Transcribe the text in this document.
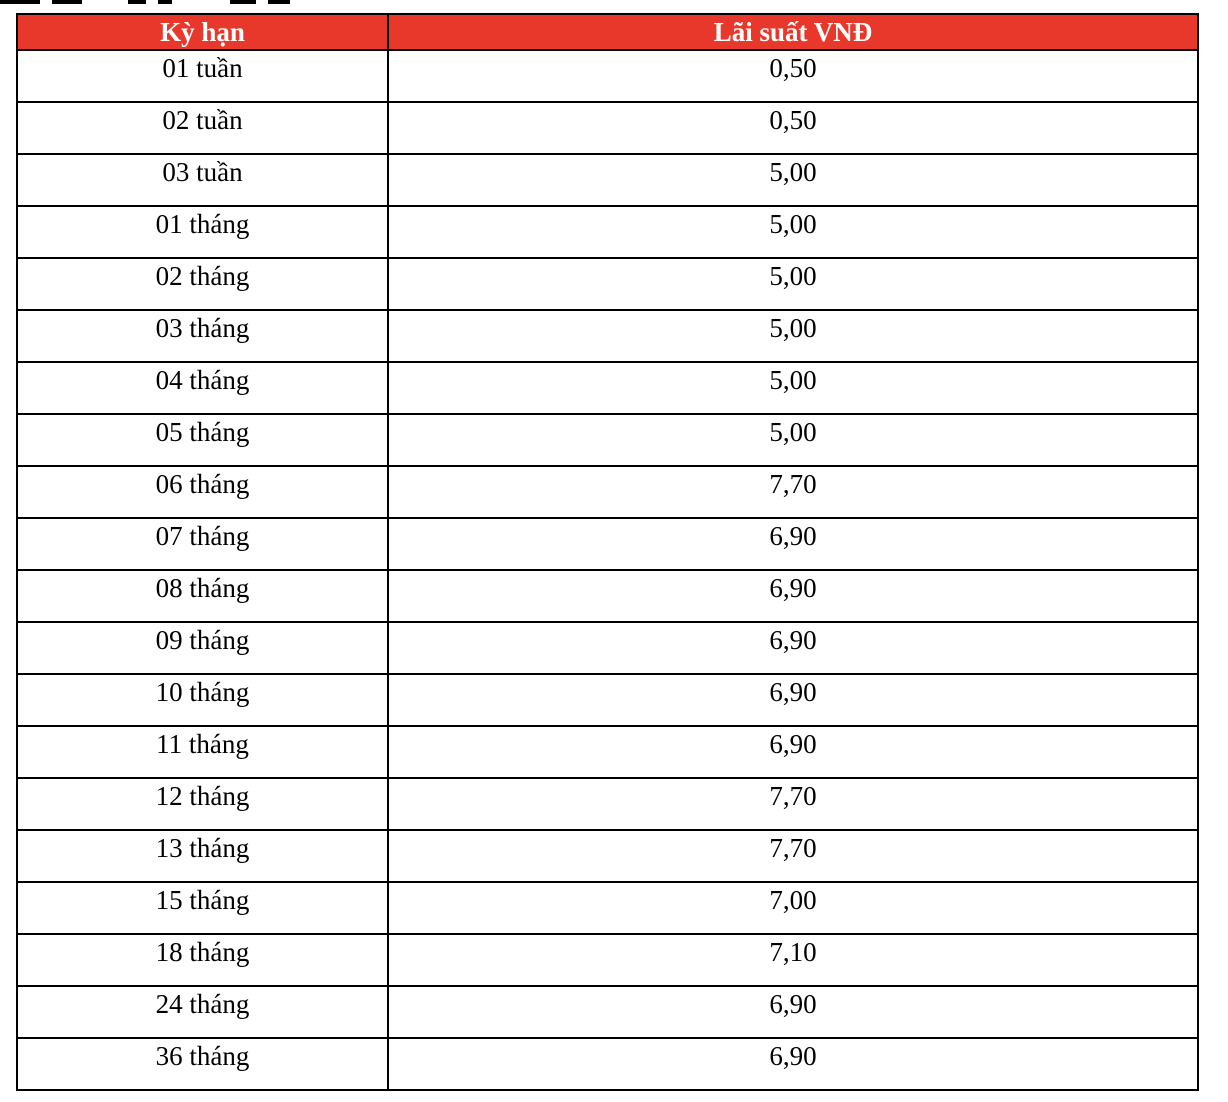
Kỳ hạn	Lãi suất VNĐ
01 tuần	0,50
02 tuần	0,50
03 tuần	5,00
01 tháng	5,00
02 tháng	5,00
03 tháng	5,00
04 tháng	5,00
05 tháng	5,00
06 tháng	7,70
07 tháng	6,90
08 tháng	6,90
09 tháng	6,90
10 tháng	6,90
11 tháng	6,90
12 tháng	7,70
13 tháng	7,70
15 tháng	7,00
18 tháng	7,10
24 tháng	6,90
36 tháng	6,90
